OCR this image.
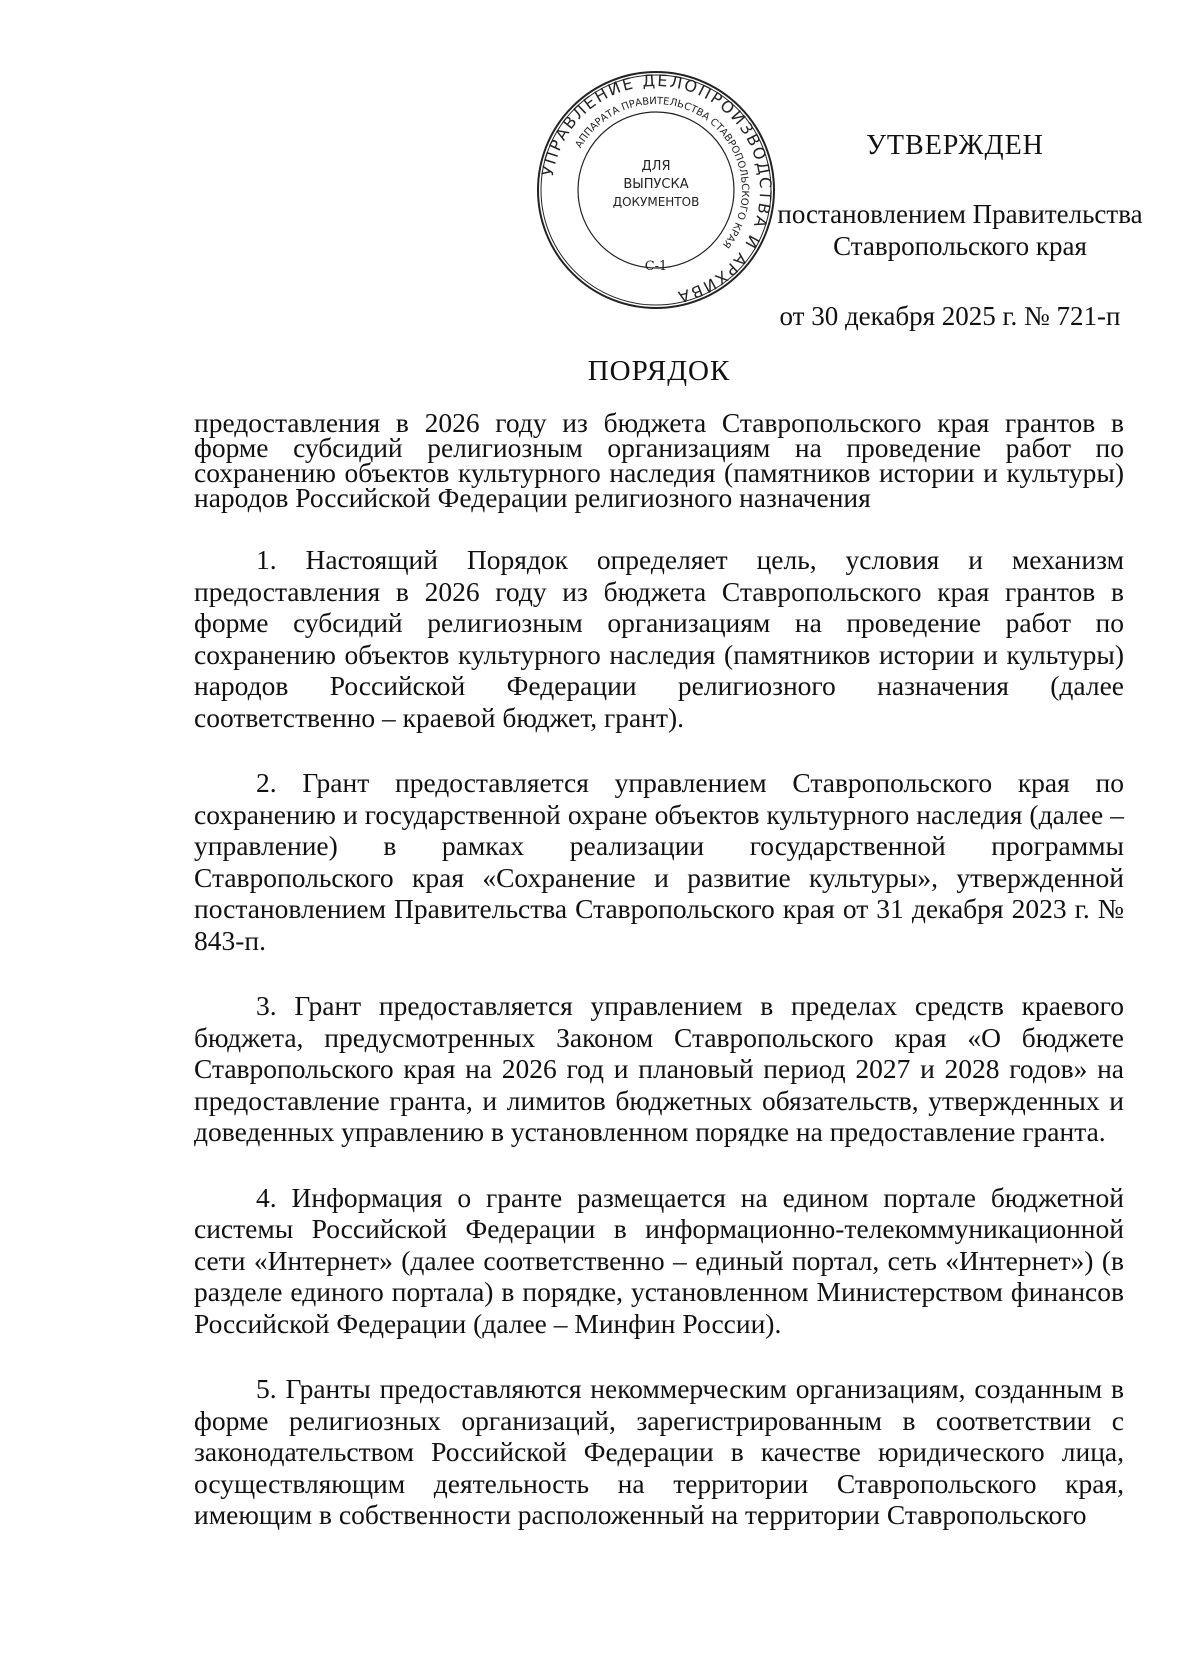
УПРАВЛЕНИЕ ДЕЛОПРОИЗВОДСТВА И АРХИВА
АППАРАТА ПРАВИТЕЛЬСТВА СТАВРОПОЛЬСКОГО КРАЯ
ДЛЯ
ВЫПУСКА
ДОКУМЕНТОВ
С-1
УТВЕРЖДЕН
постановлением Правительства
Ставропольского края
от 30 декабря 2025 г. № 721-п
ПОРЯДОК

предоставления в 2026 году из бюджета Ставропольского края грантов в форме субсидий религиозным организациям на проведение работ по сохранению объектов культурного наследия (памятников истории и культуры) народов Российской Федерации религиозного назначения

1. Настоящий Порядок определяет цель, условия и механизм предоставления в 2026 году из бюджета Ставропольского края грантов в форме субсидий религиозным организациям на проведение работ по сохранению объектов культурного наследия (памятников истории и культуры) народов Российской Федерации религиозного назначения (далее соответственно – краевой бюджет, грант).

2. Грант предоставляется управлением Ставропольского края по сохранению и государственной охране объектов культурного наследия (далее – управление) в рамках реализации государственной программы Ставропольского края «Сохранение и развитие культуры», утвержденной постановлением Правительства Ставропольского края от 31 декабря 2023 г. № 843-п.

3. Грант предоставляется управлением в пределах средств краевого бюджета, предусмотренных Законом Ставропольского края «О бюджете Ставропольского края на 2026 год и плановый период 2027 и 2028 годов» на предоставление гранта, и лимитов бюджетных обязательств, утвержденных и доведенных управлению в установленном порядке на предоставление гранта.

4. Информация о гранте размещается на едином портале бюджетной системы Российской Федерации в информационно-телекоммуникационной сети «Интернет» (далее соответственно – единый портал, сеть «Интернет») (в разделе единого портала) в порядке, установленном Министерством финансов Российской Федерации (далее – Минфин России).

5. Гранты предоставляются некоммерческим организациям, созданным в форме религиозных организаций, зарегистрированным в соответствии с законодательством Российской Федерации в качестве юридического лица, осуществляющим деятельность на территории Ставропольского края, имеющим в собственности расположенный на территории Ставропольского
